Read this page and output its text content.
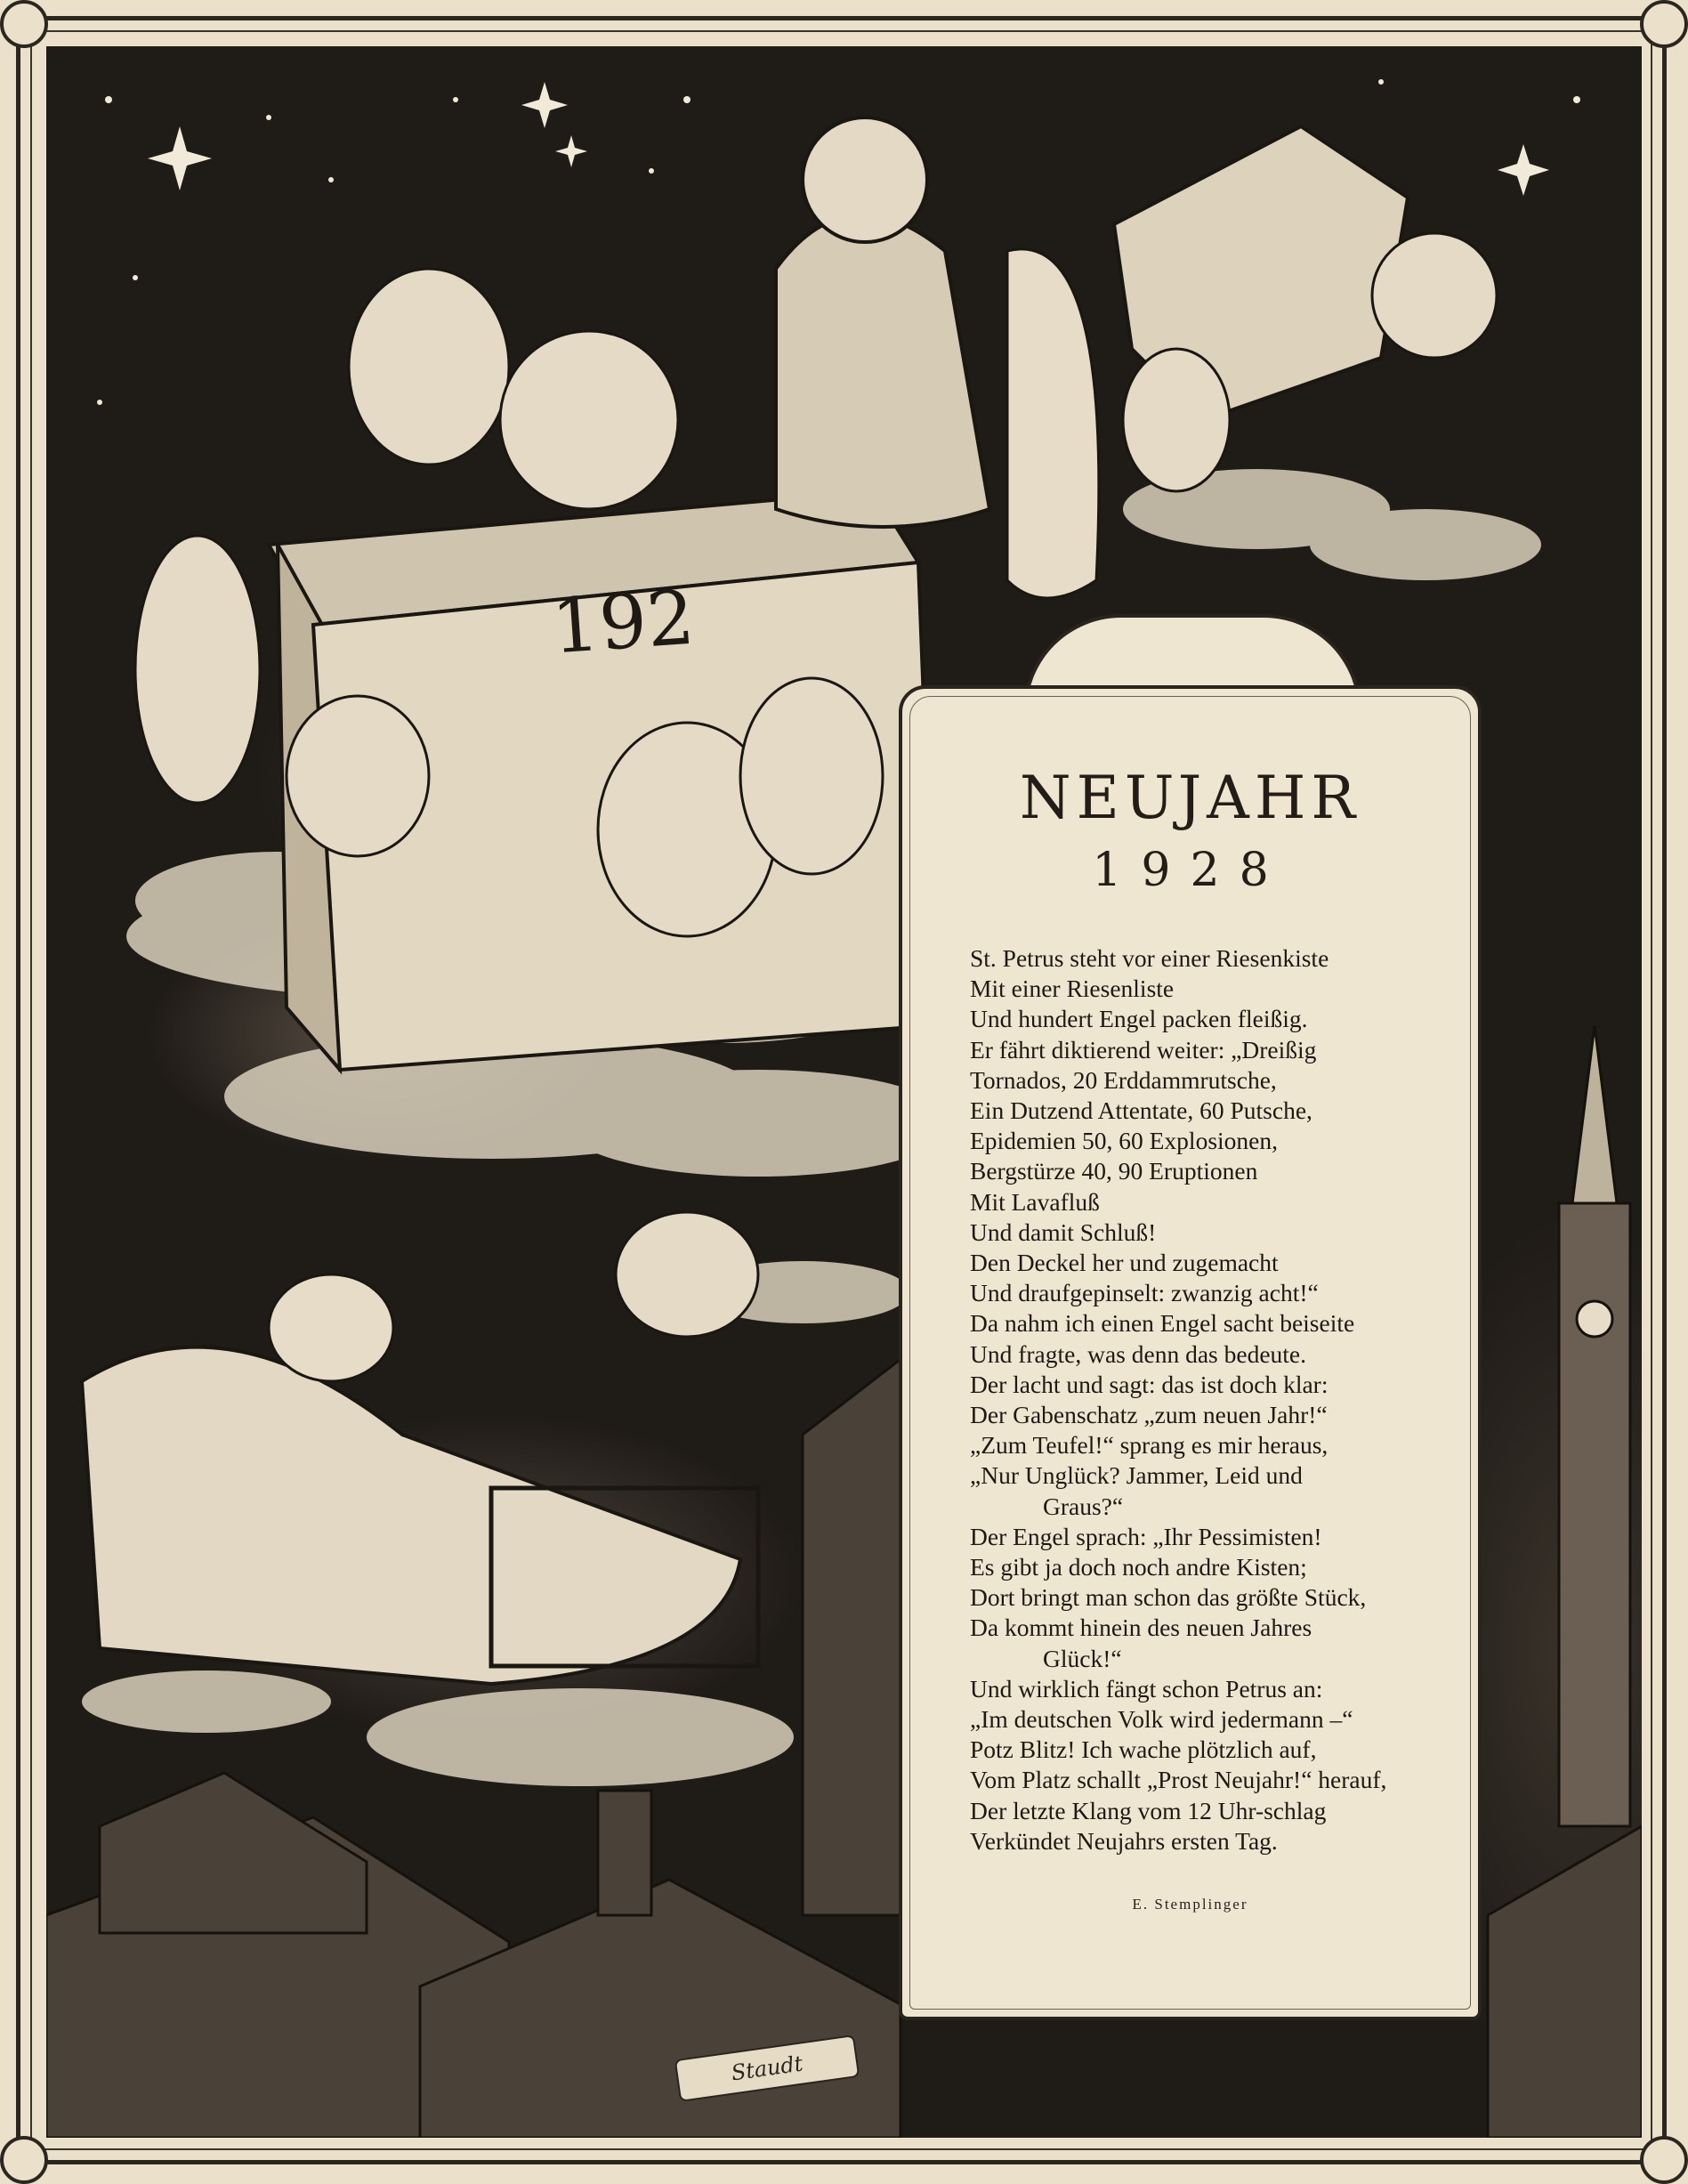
192
NEUJAHR
1928
St. Petrus steht vor einer Riesenkiste
Mit einer Riesenliste
Und hundert Engel packen fleißig.
Er fährt diktierend weiter: „Dreißig
Tornados, 20 Erddammrutsche,
Ein Dutzend Attentate, 60 Putsche,
Epidemien 50, 60 Explosionen,
Bergstürze 40, 90 Eruptionen
Mit Lavafluß
Und damit Schluß!
Den Deckel her und zugemacht
Und draufgepinselt: zwanzig acht!“
Da nahm ich einen Engel sacht beiseite
Und fragte, was denn das bedeute.
Der lacht und sagt: das ist doch klar:
Der Gabenschatz „zum neuen Jahr!“
„Zum Teufel!“ sprang es mir heraus,
„Nur Unglück? Jammer, Leid und
Graus?“
Der Engel sprach: „Ihr Pessimisten!
Es gibt ja doch noch andre Kisten;
Dort bringt man schon das größte Stück,
Da kommt hinein des neuen Jahres
Glück!“
Und wirklich fängt schon Petrus an:
„Im deutschen Volk wird jedermann –“
Potz Blitz! Ich wache plötzlich auf,
Vom Platz schallt „Prost Neujahr!“ herauf,
Der letzte Klang vom 12 Uhr-schlag
Verkündet Neujahrs ersten Tag.
E. Stemplinger
Staudt
